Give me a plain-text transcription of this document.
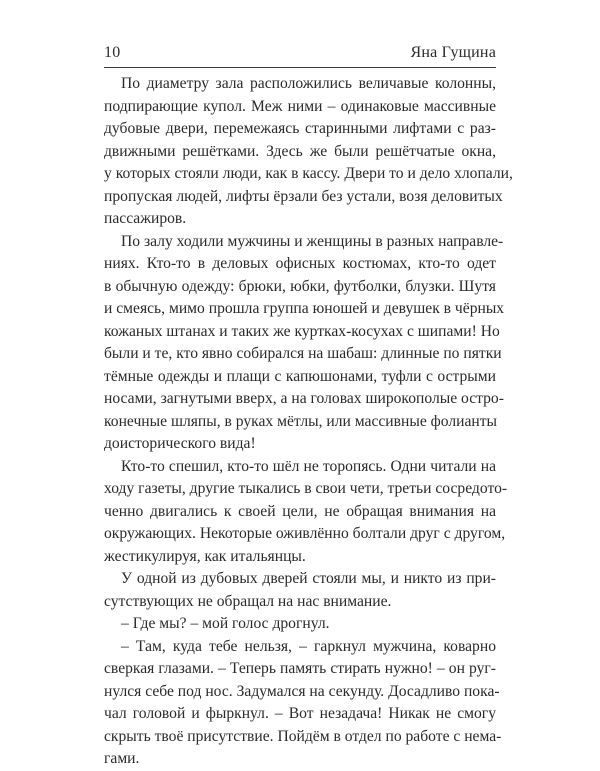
10	Яна Гущина
По диаметру зала расположились величавые колонны,
подпирающие купол. Меж ними – одинаковые массивные
дубовые двери, перемежаясь старинными лифтами с раз-
движными решётками. Здесь же были решётчатые окна,
у которых стояли люди, как в кассу. Двери то и дело хлопали,
пропуская людей, лифты ёрзали без устали, возя деловитых
пассажиров.
По залу ходили мужчины и женщины в разных направле-
ниях. Кто-то в деловых офисных костюмах, кто-то одет
в обычную одежду: брюки, юбки, футболки, блузки. Шутя
и смеясь, мимо прошла группа юношей и девушек в чёрных
кожаных штанах и таких же куртках-косухах с шипами! Но
были и те, кто явно собирался на шабаш: длинные по пятки
тёмные одежды и плащи с капюшонами, туфли с острыми
носами, загнутыми вверх, а на головах широкополые остро-
конечные шляпы, в руках мётлы, или массивные фолианты
доисторического вида!
Кто-то спешил, кто-то шёл не торопясь. Одни читали на
ходу газеты, другие тыкались в свои чети, третьи сосредото-
ченно двигались к своей цели, не обращая внимания на
окружающих. Некоторые оживлённо болтали друг с другом,
жестикулируя, как итальянцы.
У одной из дубовых дверей стояли мы, и никто из при-
сутствующих не обращал на нас внимание.
– Где мы? – мой голос дрогнул.
– Там, куда тебе нельзя, – гаркнул мужчина, коварно
сверкая глазами. – Теперь память стирать нужно! – он руг-
нулся себе под нос. Задумался на секунду. Досадливо пока-
чал головой и фыркнул. – Вот незадача! Никак не смогу
скрыть твоё присутствие. Пойдём в отдел по работе с нема-
гами.
